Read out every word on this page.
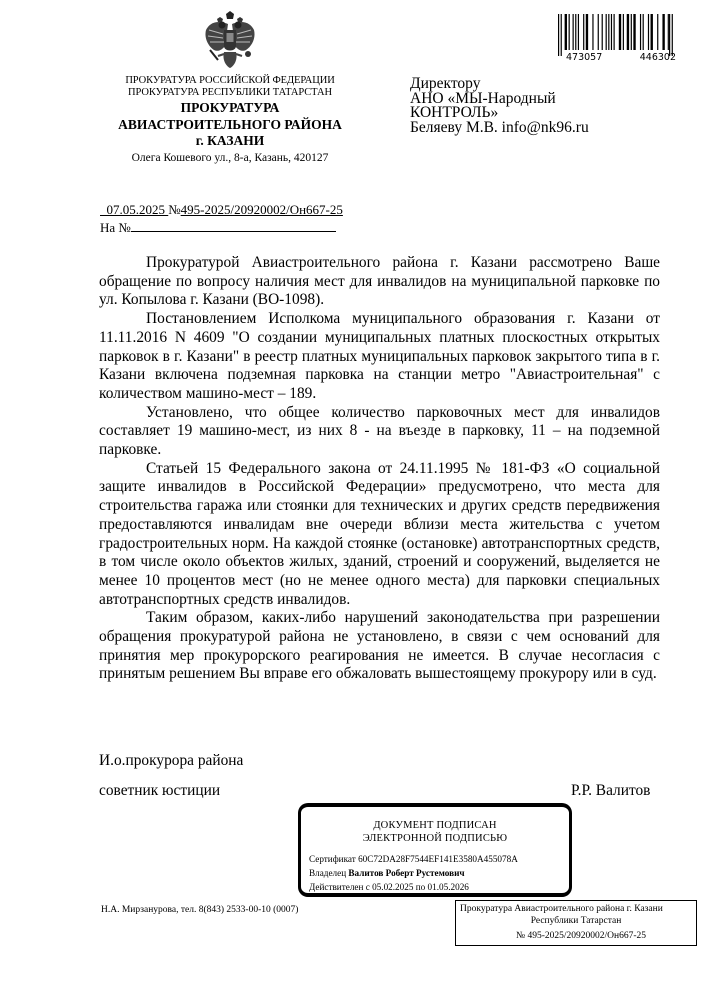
ПРОКУРАТУРА РОССИЙСКОЙ ФЕДЕРАЦИИ
ПРОКУРАТУРА РЕСПУБЛИКИ ТАТАРСТАН
ПРОКУРАТУРА
АВИАСТРОИТЕЛЬНОГО РАЙОНА
г. КАЗАНИ
Олега Кошевого ул., 8-а, Казань, 420127
473057	446302
Директору
АНО «МЫ-Народный
КОНТРОЛЬ»
Беляеву М.В. info@nk96.ru
07.05.2025 №495-2025/20920002/Он667-25
На №

Прокуратурой Авиастроительного района г. Казани рассмотрено Ваше обращение по вопросу наличия мест для инвалидов на муниципальной парковке по ул. Копылова г. Казани (ВО-1098).

Постановлением Исполкома муниципального образования г. Казани от 11.11.2016 N 4609 "О создании муниципальных платных плоскостных открытых парковок в г. Казани" в реестр платных муниципальных парковок закрытого типа в г. Казани включена подземная парковка на станции метро "Авиастроительная" с количеством машино-мест – 189.

Установлено, что общее количество парковочных мест для инвалидов составляет 19 машино-мест, из них 8 - на въезде в парковку, 11 – на подземной парковке.

Статьей 15 Федерального закона от 24.11.1995 № 181-ФЗ «О социальной защите инвалидов в Российской Федерации» предусмотрено, что места для строительства гаража или стоянки для технических и других средств передвижения предоставляются инвалидам вне очереди вблизи места жительства с учетом градостроительных норм. На каждой стоянке (остановке) автотранспортных средств, в том числе около объектов жилых, зданий, строений и сооружений, выделяется не менее 10 процентов мест (но не менее одного места) для парковки специальных автотранспортных средств инвалидов.

Таким образом, каких-либо нарушений законодательства при разрешении обращения прокуратурой района не установлено, в связи с чем оснований для принятия мер прокурорского реагирования не имеется. В случае несогласия с принятым решением Вы вправе его обжаловать вышестоящему прокурору или в суд.

И.о.прокурора района
советник юстиции	Р.Р. Валитов
ДОКУМЕНТ ПОДПИСАН
ЭЛЕКТРОННОЙ ПОДПИСЬЮ
Сертификат 60C72DA28F7544EF141E3580A455078A
Владелец Валитов Роберт Рустемович
Действителен с 05.02.2025 по 01.05.2026
Н.А. Мирзанурова, тел. 8(843) 2533-00-10 (0007)	Прокуратура Авиастроительного района г. Казани
Республики Татарстан
№ 495-2025/20920002/Он667-25
